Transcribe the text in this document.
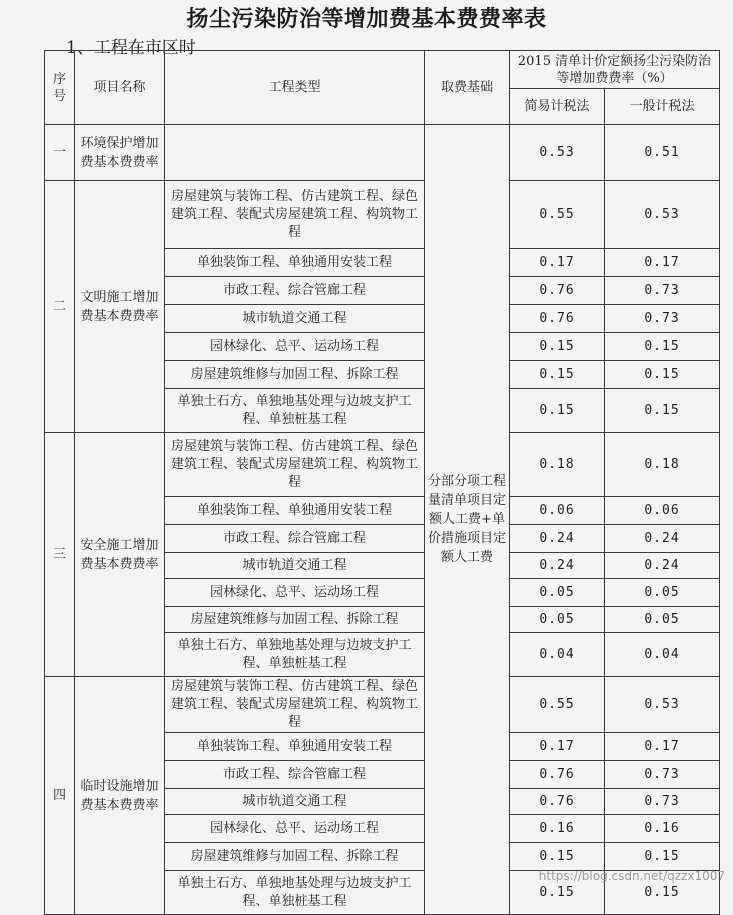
扬尘污染防治等增加费基本费费率表
1、工程在市区时
序号	项目名称	工程类型	取费基础	2015 清单计价定额扬尘污染防治等增加费费率（%）	
				简易计税法	一般计税法
一	环境保护增加费基本费费率		分部分项工程量清单项目定额人工费+单价措施项目定额人工费	0.53	0.51
二	文明施工增加费基本费费率	房屋建筑与装饰工程、仿古建筑工程、绿色建筑工程、装配式房屋建筑工程、构筑物工程		0.55	0.53
		单独装饰工程、单独通用安装工程		0.17	0.17
		市政工程、综合管廊工程		0.76	0.73
		城市轨道交通工程		0.76	0.73
		园林绿化、总平、运动场工程		0.15	0.15
		房屋建筑维修与加固工程、拆除工程		0.15	0.15
		单独土石方、单独地基处理与边坡支护工程、单独桩基工程		0.15	0.15
三	安全施工增加费基本费费率	房屋建筑与装饰工程、仿古建筑工程、绿色建筑工程、装配式房屋建筑工程、构筑物工程		0.18	0.18
		单独装饰工程、单独通用安装工程		0.06	0.06
		市政工程、综合管廊工程		0.24	0.24
		城市轨道交通工程		0.24	0.24
		园林绿化、总平、运动场工程		0.05	0.05
		房屋建筑维修与加固工程、拆除工程		0.05	0.05
		单独土石方、单独地基处理与边坡支护工程、单独桩基工程		0.04	0.04
四	临时设施增加费基本费费率	房屋建筑与装饰工程、仿古建筑工程、绿色建筑工程、装配式房屋建筑工程、构筑物工程		0.55	0.53
		单独装饰工程、单独通用安装工程		0.17	0.17
		市政工程、综合管廊工程		0.76	0.73
		城市轨道交通工程		0.76	0.73
		园林绿化、总平、运动场工程		0.16	0.16
		房屋建筑维修与加固工程、拆除工程		0.15	0.15
		单独土石方、单独地基处理与边坡支护工程、单独桩基工程		0.15	0.15
https://blog.csdn.net/qzzx1007
